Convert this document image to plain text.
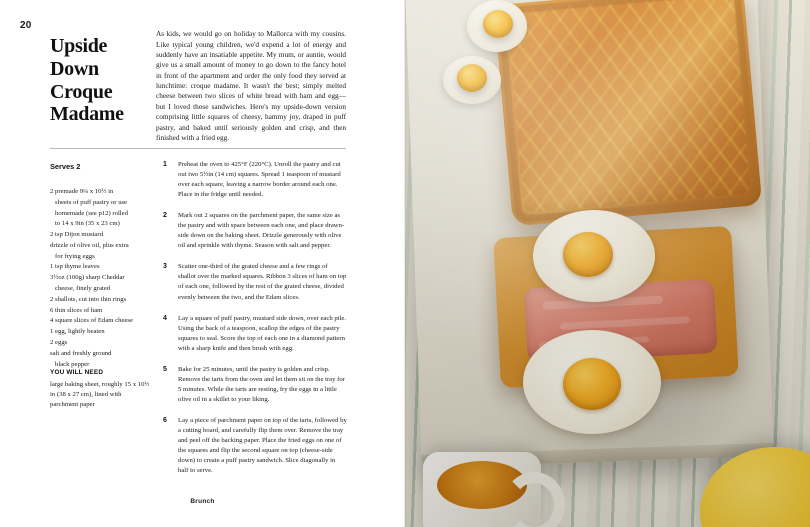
20
Upside Down Croque Madame

As kids, we would go on holiday to Mallorca with my cousins. Like typical young children, we'd expend a lot of energy and suddenly have an insatiable appetite. My mum, or auntie, would give us a small amount of money to go down to the fancy hotel in front of the apartment and order the only food they served at lunchtime: croque madame. It wasn't the best; simply melted cheese between two slices of white bread with ham and egg—but I loved those sandwiches. Here's my upside-down version comprising little squares of cheesy, hammy joy, draped in puff pastry, and baked until seriously golden and crisp, and then finished with a fried egg.

Serves 2
2 premade 9¼ x 10½ in
sheets of puff pastry or use
homemade (see p12) rolled
to 14 x 9in (35 x 23 cm)
2 tsp Dijon mustard
drizzle of olive oil, plus extra
for frying eggs
1 tsp thyme leaves
3½oz (100g) sharp Cheddar
cheese, finely grated
2 shallots, cut into thin rings
6 thin slices of ham
4 square slices of Edam cheese
1 egg, lightly beaten
2 eggs
salt and freshly ground
black pepper
YOU WILL NEED
large baking sheet, roughly 15 x 10½ in (38 x 27 cm), lined with parchment paper
1 Preheat the oven to 425°F (220°C). Unroll the pastry and cut out two 5½in (14 cm) squares. Spread 1 teaspoon of mustard over each square, leaving a narrow border around each one. Place in the fridge until needed.
2 Mark out 2 squares on the parchment paper, the same size as the pastry and with space between each one, and place drawn-side down on the baking sheet. Drizzle generously with olive oil and sprinkle with thyme. Season with salt and pepper.
3 Scatter one-third of the grated cheese and a few rings of shallot over the marked squares. Ribbon 3 slices of ham on top of each one, followed by the rest of the grated cheese, divided evenly between the two, and the Edam slices.
4 Lay a square of puff pastry, mustard side down, over each pile. Using the back of a teaspoon, scallop the edges of the pastry squares to seal. Score the top of each one in a diamond pattern with a sharp knife and then brush with egg.
5 Bake for 25 minutes, until the pastry is golden and crisp. Remove the tarts from the oven and let them sit on the tray for 5 minutes. While the tarts are resting, fry the eggs in a little olive oil in a skillet to your liking.
6 Lay a piece of parchment paper on top of the tarts, followed by a cutting board, and carefully flip them over. Remove the tray and peel off the backing paper. Place the fried eggs on one of the squares and flip the second square on top (cheese-side down) to create a puff pastry sandwich. Slice diagonally in half to serve.
Brunch
